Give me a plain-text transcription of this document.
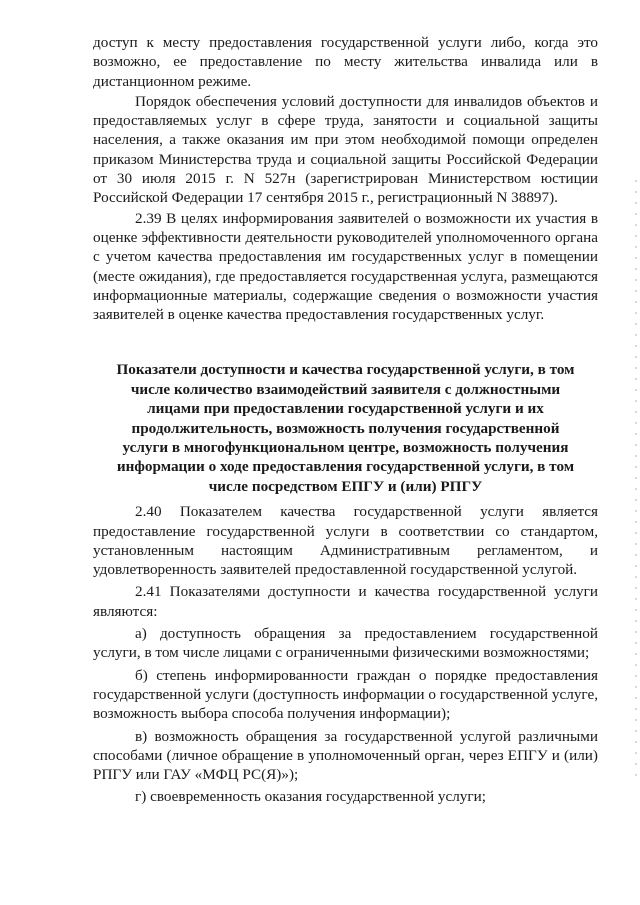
доступ к месту предоставления государственной услуги либо, когда это возможно, ее предоставление по месту жительства инвалида или в дистанционном режиме.

Порядок обеспечения условий доступности для инвалидов объектов и предоставляемых услуг в сфере труда, занятости и социальной защиты населения, а также оказания им при этом необходимой помощи определен приказом Министерства труда и социальной защиты Российской Федерации от 30 июля 2015 г. N 527н (зарегистрирован Министерством юстиции Российской Федерации 17 сентября 2015 г., регистрационный N 38897).

2.39 В целях информирования заявителей о возможности их участия в оценке эффективности деятельности руководителей уполномоченного органа с учетом качества предоставления им государственных услуг в помещении (месте ожидания), где предоставляется государственная услуга, размещаются информационные материалы, содержащие сведения о возможности участия заявителей в оценке качества предоставления государственных услуг.

Показатели доступности и качества государственной услуги, в том числе количество взаимодействий заявителя с должностными лицами при предоставлении государственной услуги и их продолжительность, возможность получения государственной услуги в многофункциональном центре, возможность получения информации о ходе предоставления государственной услуги, в том числе посредством ЕПГУ и (или) РПГУ

2.40 Показателем качества государственной услуги является предоставление государственной услуги в соответствии со стандартом, установленным настоящим Административным регламентом, и удовлетворенность заявителей предоставленной государственной услугой.

2.41 Показателями доступности и качества государственной услуги являются:

а) доступность обращения за предоставлением государственной услуги, в том числе лицами с ограниченными физическими возможностями;

б) степень информированности граждан о порядке предоставления государственной услуги (доступность информации о государственной услуге, возможность выбора способа получения информации);

в) возможность обращения за государственной услугой различными способами (личное обращение в уполномоченный орган, через ЕПГУ и (или) РПГУ или ГАУ «МФЦ РС(Я)»);

г) своевременность оказания государственной услуги;
